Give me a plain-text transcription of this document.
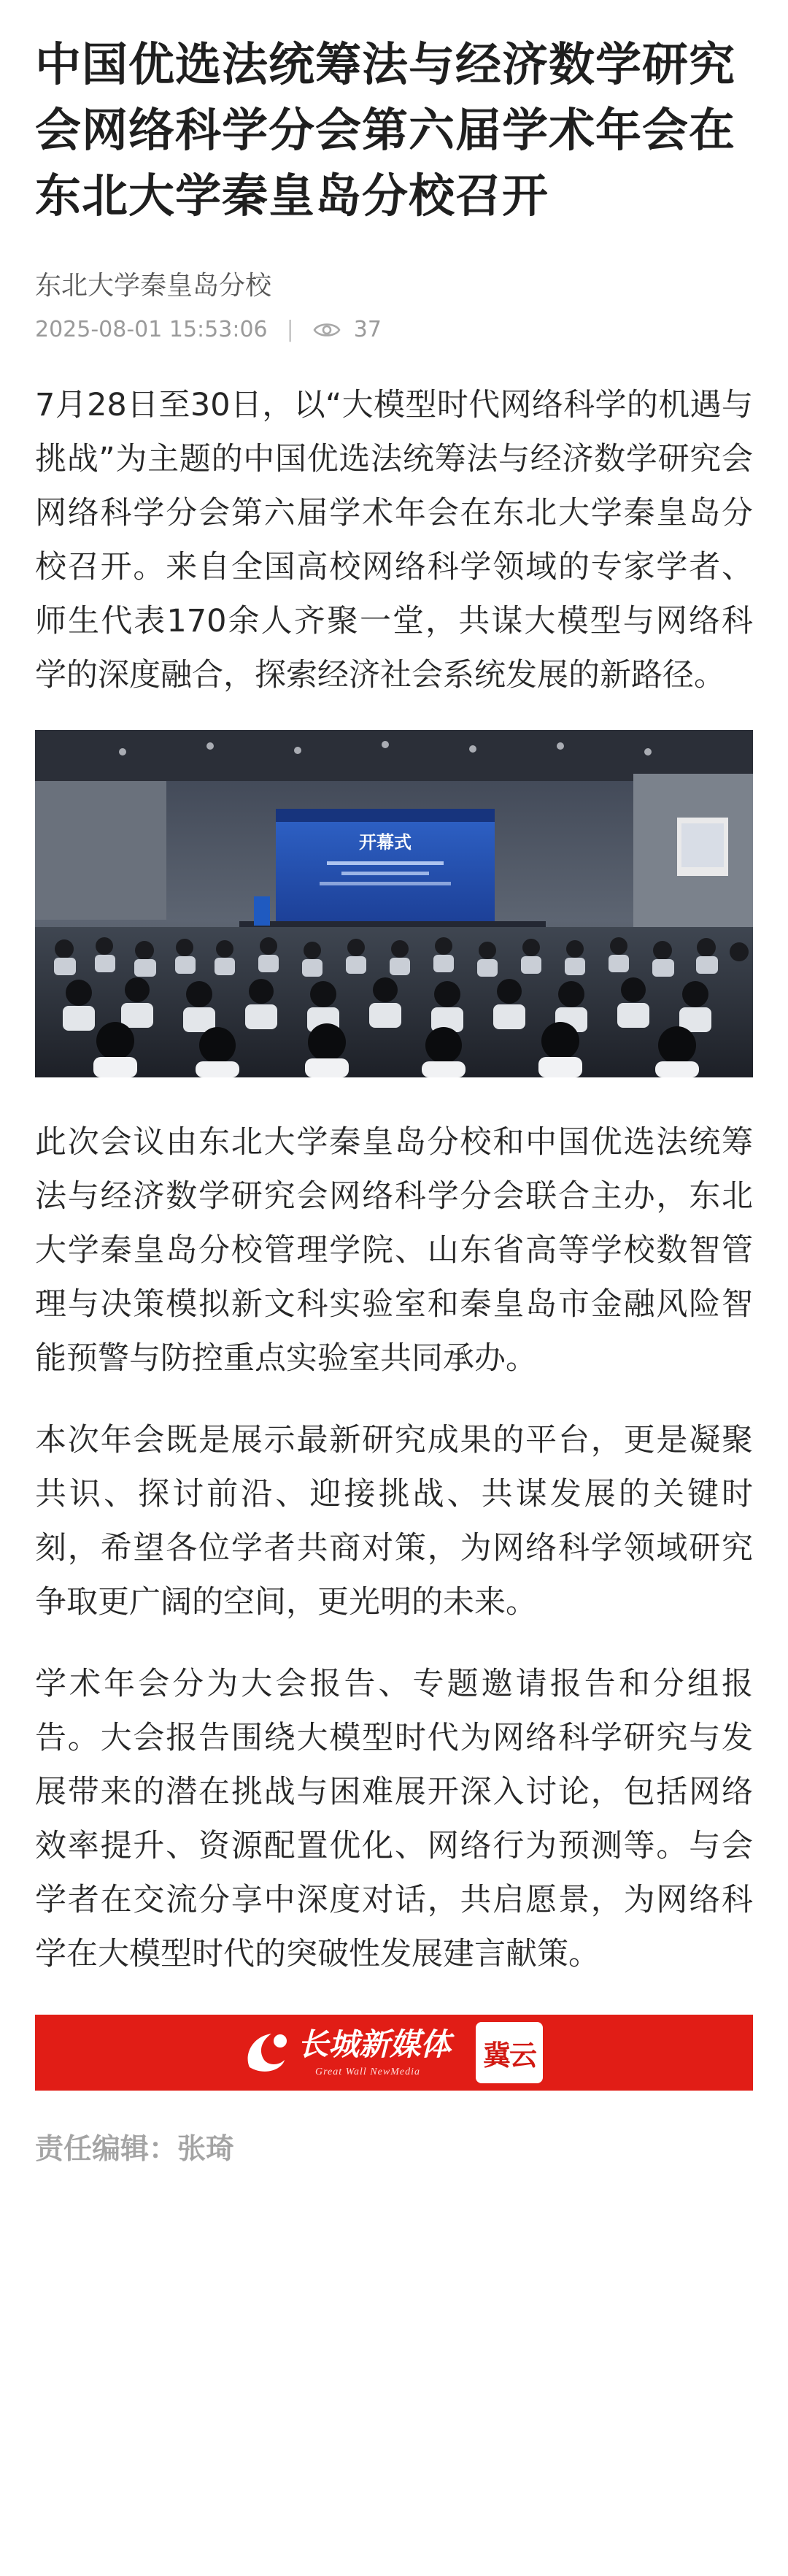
中国优选法统筹法与经济数学研究会网络科学分会第六届学术年会在东北大学秦皇岛分校召开
东北大学秦皇岛分校
2025-08-01 15:53:06 |	37

7月28日至30日，以“大模型时代网络科学的机遇与挑战”为主题的中国优选法统筹法与经济数学研究会网络科学分会第六届学术年会在东北大学秦皇岛分校召开。来自全国高校网络科学领域的专家学者、师生代表170余人齐聚一堂，共谋大模型与网络科学的深度融合，探索经济社会系统发展的新路径。

开幕式

此次会议由东北大学秦皇岛分校和中国优选法统筹法与经济数学研究会网络科学分会联合主办，东北大学秦皇岛分校管理学院、山东省高等学校数智管理与决策模拟新文科实验室和秦皇岛市金融风险智能预警与防控重点实验室共同承办。

本次年会既是展示最新研究成果的平台，更是凝聚共识、探讨前沿、迎接挑战、共谋发展的关键时刻，希望各位学者共商对策，为网络科学领域研究争取更广阔的空间，更光明的未来。

学术年会分为大会报告、专题邀请报告和分组报告。大会报告围绕大模型时代为网络科学研究与发展带来的潜在挑战与困难展开深入讨论，包括网络效率提升、资源配置优化、网络行为预测等。与会学者在交流分享中深度对话，共启愿景，为网络科学在大模型时代的突破性发展建言献策。

长城新媒体
Great Wall NewMedia
冀云
责任编辑：张琦
